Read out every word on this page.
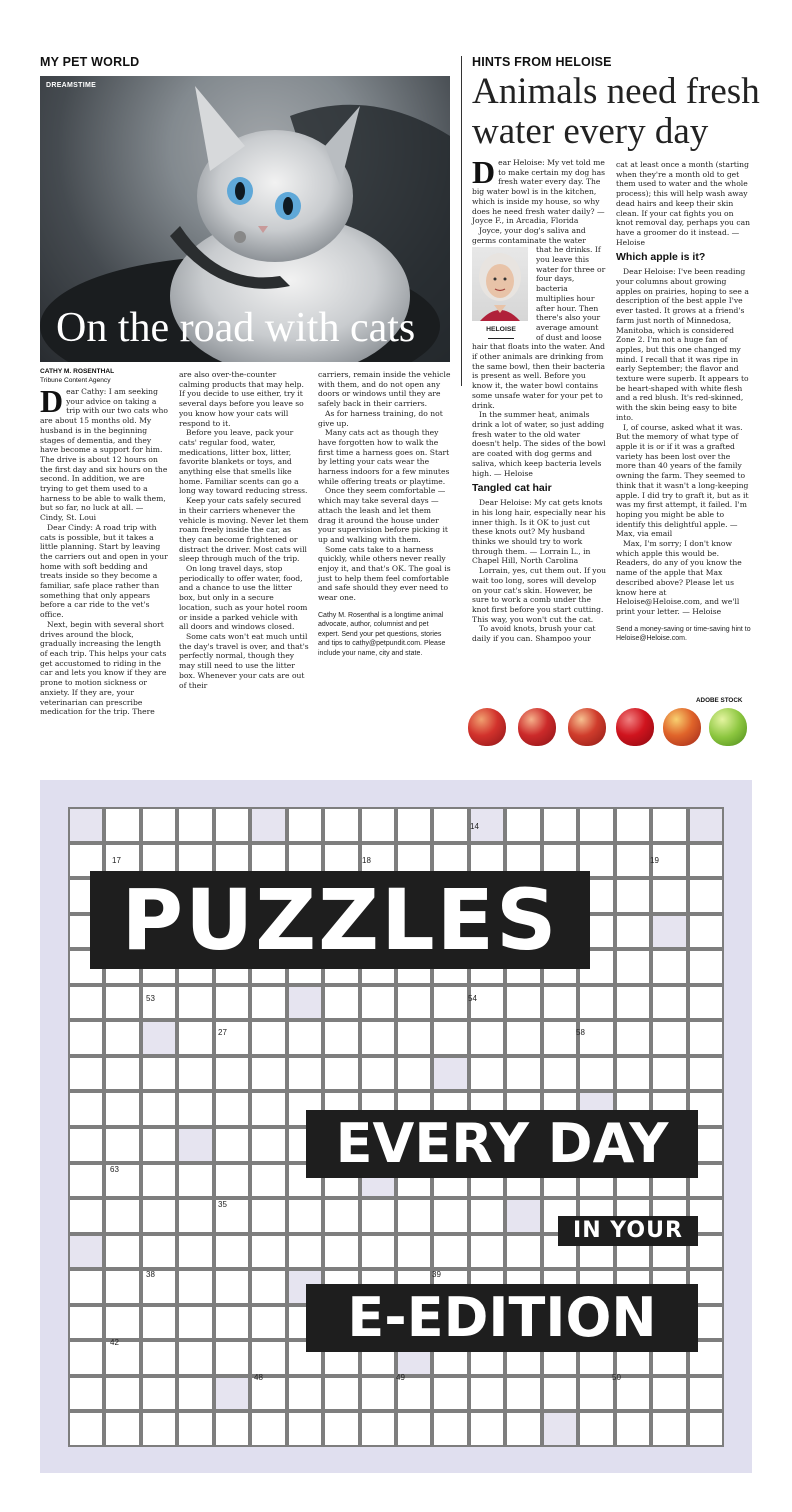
MY PET WORLD
DREAMSTIME
On the road with cats
CATHY M. ROSENTHAL
Tribune Content Agency

Dear Cathy: I am seeking your advice on taking a trip with our two cats who are about 15 months old. My husband is in the beginning stages of dementia, and they have become a support for him. The drive is about 12 hours on the first day and six hours on the second. In addition, we are trying to get them used to a harness to be able to walk them, but so far, no luck at all. — Cindy, St. Loui

Dear Cindy: A road trip with cats is possible, but it takes a little planning. Start by leaving the carriers out and open in your home with soft bedding and treats inside so they become a familiar, safe place rather than something that only appears before a car ride to the vet's office.

Next, begin with several short drives around the block, gradually increasing the length of each trip. This helps your cats get accustomed to riding in the car and lets you know if they are prone to motion sickness or anxiety. If they are, your veterinarian can prescribe medication for the trip. There

are also over-the-counter calming products that may help. If you decide to use either, try it several days before you leave so you know how your cats will respond to it.

Before you leave, pack your cats' regular food, water, medications, litter box, litter, favorite blankets or toys, and anything else that smells like home. Familiar scents can go a long way toward reducing stress.

Keep your cats safely secured in their carriers whenever the vehicle is moving. Never let them roam freely inside the car, as they can become frightened or distract the driver. Most cats will sleep through much of the trip.

On long travel days, stop periodically to offer water, food, and a chance to use the litter box, but only in a secure location, such as your hotel room or inside a parked vehicle with all doors and windows closed.

Some cats won't eat much until the day's travel is over, and that's perfectly normal, though they may still need to use the litter box. Whenever your cats are out of their

carriers, remain inside the vehicle with them, and do not open any doors or windows until they are safely back in their carriers.

As for harness training, do not give up.

Many cats act as though they have forgotten how to walk the first time a harness goes on. Start by letting your cats wear the harness indoors for a few minutes while offering treats or playtime.

Once they seem comfortable — which may take several days — attach the leash and let them drag it around the house under your supervision before picking it up and walking with them.

Some cats take to a harness quickly, while others never really enjoy it, and that's OK. The goal is just to help them feel comfortable and safe should they ever need to wear one.

Cathy M. Rosenthal is a longtime animal advocate, author, columnist and pet expert. Send your pet questions, stories and tips to cathy@petpundit.com. Please include your name, city and state.

HINTS FROM HELOISE
Animals need fresh water every day

Dear Heloise: My vet told me to make certain my dog has fresh water every day. The big water bowl is in the kitchen, which is inside my house, so why does he need fresh water daily? — Joyce F., in Arcadia, Florida

Joyce, your dog's saliva and germs contaminate the water

HELOISE

that he drinks. If you leave this water for three or four days, bacteria multiplies hour after hour. Then there's also your average amount of dust and loose hair that floats into the water. And if other animals are drinking from the same bowl, then their bacteria is present as well. Before you know it, the water bowl contains some unsafe water for your pet to drink.

In the summer heat, animals drink a lot of water, so just adding fresh water to the old water doesn't help. The sides of the bowl are coated with dog germs and saliva, which keep bacteria levels high. — Heloise

Tangled cat hair

Dear Heloise: My cat gets knots in his long hair, especially near his inner thigh. Is it OK to just cut these knots out? My husband thinks we should try to work through them. — Lorrain L., in Chapel Hill, North Carolina

Lorrain, yes, cut them out. If you wait too long, sores will develop on your cat's skin. However, be sure to work a comb under the knot first before you start cutting. This way, you won't cut the cat.

To avoid knots, brush your cat daily if you can. Shampoo your

cat at least once a month (starting when they're a month old to get them used to water and the whole process); this will help wash away dead hairs and keep their skin clean. If your cat fights you on knot removal day, perhaps you can have a groomer do it instead. — Heloise

Which apple is it?

Dear Heloise: I've been reading your columns about growing apples on prairies, hoping to see a description of the best apple I've ever tasted. It grows at a friend's farm just north of Minnedosa, Manitoba, which is considered Zone 2. I'm not a huge fan of apples, but this one changed my mind. I recall that it was ripe in early September; the flavor and texture were superb. It appears to be heart-shaped with white flesh and a red blush. It's red-skinned, with the skin being easy to bite into.

I, of course, asked what it was. But the memory of what type of apple it is or if it was a grafted variety has been lost over the more than 40 years of the family owning the farm. They seemed to think that it wasn't a long-keeping apple. I did try to graft it, but as it was my first attempt, it failed. I'm hoping you might be able to identify this delightful apple. — Max, via email

Max, I'm sorry; I don't know which apple this would be. Readers, do any of you know the name of the apple that Max described above? Please let us know here at Heloise@Heloise.com, and we'll print your letter. — Heloise

Send a money-saving or time-saving hint to Heloise@Heloise.com.

ADOBE STOCK
PUZZLES
EVERY DAY
IN YOUR
E-EDITION
14
17	18	19
53	54
27	58
63
35
38	39
42
48	49	50
